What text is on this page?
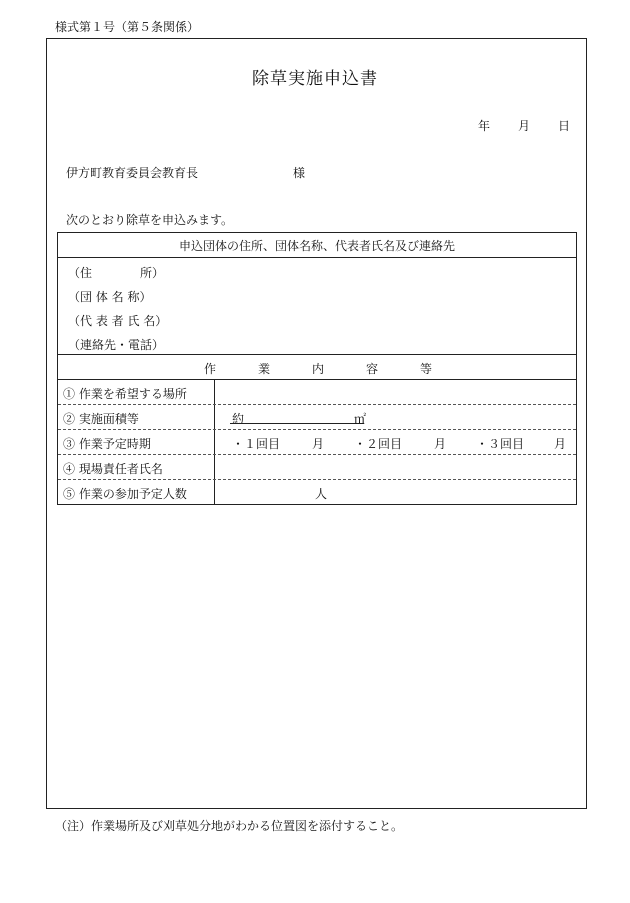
様式第１号（第５条関係）
除草実施申込書
年 月 日
伊方町教育委員会教育長	様
次のとおり除草を申込みます。
申込団体の住所、団体名称、代表者氏名及び連絡先
（住　　　　所）
（団 体 名 称）
（代 表 者 氏 名）
（連絡先・電話）
作	業	内	容	等
① 作業を希望する場所
② 実施面積等	約	㎡
③ 作業予定時期	・１回目	月 ・２回目	月 ・３回目 月
④ 現場責任者氏名
⑤ 作業の参加予定人数	人
（注）作業場所及び刈草処分地がわかる位置図を添付すること。
